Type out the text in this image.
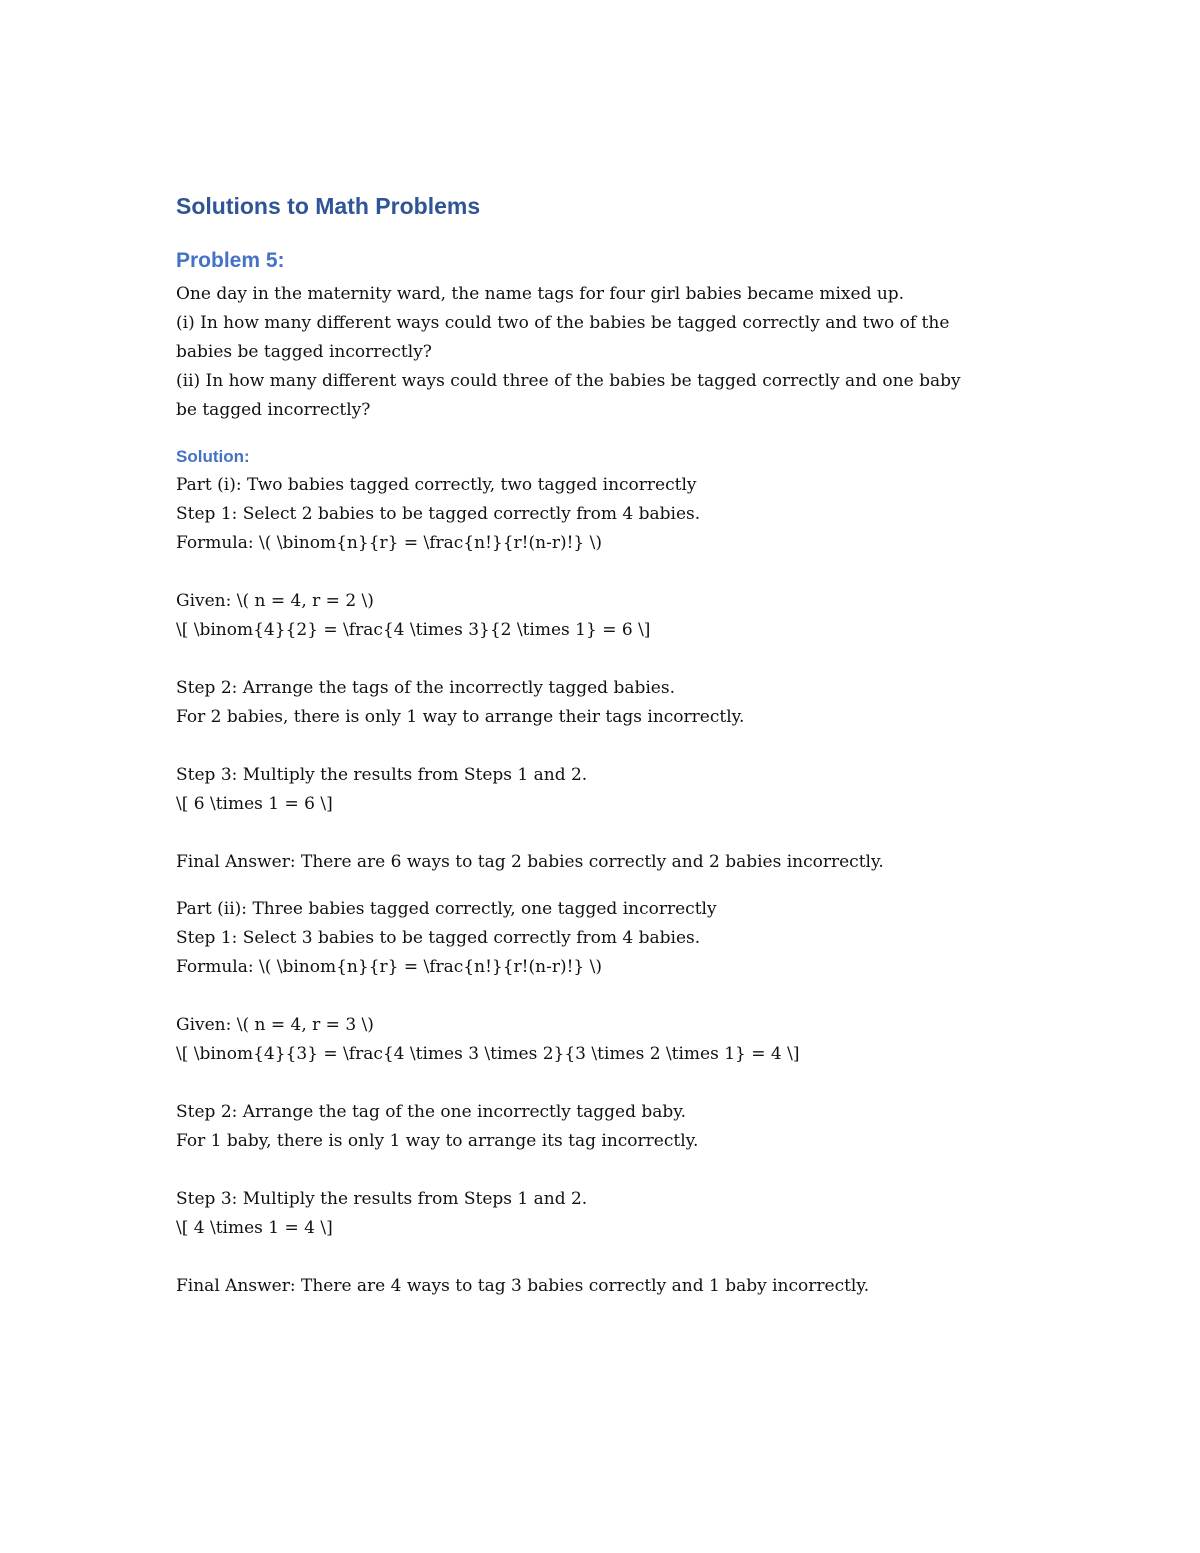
Solutions to Math Problems
Problem 5:

One day in the maternity ward, the name tags for four girl babies became mixed up.

(i) In how many different ways could two of the babies be tagged correctly and two of the

babies be tagged incorrectly?

(ii) In how many different ways could three of the babies be tagged correctly and one baby

be tagged incorrectly?

Solution:

Part (i): Two babies tagged correctly, two tagged incorrectly

Step 1: Select 2 babies to be tagged correctly from 4 babies.

Formula: \( \binom{n}{r} = \frac{n!}{r!(n-r)!} \)

Given: \( n = 4, r = 2 \)

\[ \binom{4}{2} = \frac{4 \times 3}{2 \times 1} = 6 \]

Step 2: Arrange the tags of the incorrectly tagged babies.

For 2 babies, there is only 1 way to arrange their tags incorrectly.

Step 3: Multiply the results from Steps 1 and 2.

\[ 6 \times 1 = 6 \]

Final Answer: There are 6 ways to tag 2 babies correctly and 2 babies incorrectly.

Part (ii): Three babies tagged correctly, one tagged incorrectly

Step 1: Select 3 babies to be tagged correctly from 4 babies.

Formula: \( \binom{n}{r} = \frac{n!}{r!(n-r)!} \)

Given: \( n = 4, r = 3 \)

\[ \binom{4}{3} = \frac{4 \times 3 \times 2}{3 \times 2 \times 1} = 4 \]

Step 2: Arrange the tag of the one incorrectly tagged baby.

For 1 baby, there is only 1 way to arrange its tag incorrectly.

Step 3: Multiply the results from Steps 1 and 2.

\[ 4 \times 1 = 4 \]

Final Answer: There are 4 ways to tag 3 babies correctly and 1 baby incorrectly.
